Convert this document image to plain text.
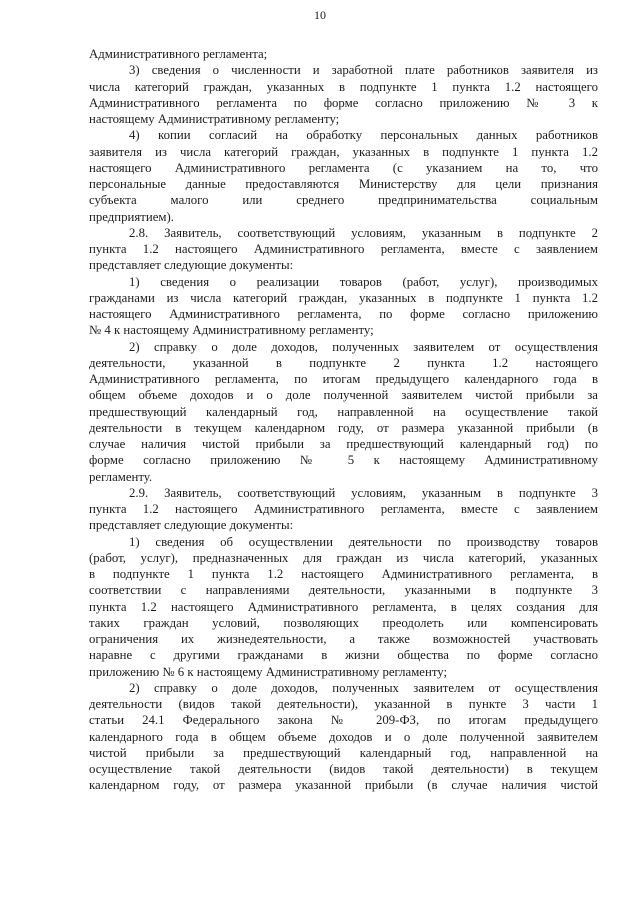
10
Административного регламента;
3) сведения о численности и заработной плате работников заявителя из
числа категорий граждан, указанных в подпункте 1 пункта 1.2 настоящего
Административного регламента по форме согласно приложению № 3 к
настоящему Административному регламенту;
4) копии согласий на обработку персональных данных работников
заявителя из числа категорий граждан, указанных в подпункте 1 пункта 1.2
настоящего Административного регламента (с указанием на то, что
персональные данные предоставляются Министерству для цели признания
субъекта малого или среднего предпринимательства социальным
предприятием).
2.8. Заявитель, соответствующий условиям, указанным в подпункте 2
пункта 1.2 настоящего Административного регламента, вместе с заявлением
представляет следующие документы:
1) сведения о реализации товаров (работ, услуг), производимых
гражданами из числа категорий граждан, указанных в подпункте 1 пункта 1.2
настоящего Административного регламента, по форме согласно приложению
№ 4 к настоящему Административному регламенту;
2) справку о доле доходов, полученных заявителем от осуществления
деятельности, указанной в подпункте 2 пункта 1.2 настоящего
Административного регламента, по итогам предыдущего календарного года в
общем объеме доходов и о доле полученной заявителем чистой прибыли за
предшествующий календарный год, направленной на осуществление такой
деятельности в текущем календарном году, от размера указанной прибыли (в
случае наличия чистой прибыли за предшествующий календарный год) по
форме согласно приложению № 5 к настоящему Административному
регламенту.
2.9. Заявитель, соответствующий условиям, указанным в подпункте 3
пункта 1.2 настоящего Административного регламента, вместе с заявлением
представляет следующие документы:
1) сведения об осуществлении деятельности по производству товаров
(работ, услуг), предназначенных для граждан из числа категорий, указанных
в подпункте 1 пункта 1.2 настоящего Административного регламента, в
соответствии с направлениями деятельности, указанными в подпункте 3
пункта 1.2 настоящего Административного регламента, в целях создания для
таких граждан условий, позволяющих преодолеть или компенсировать
ограничения их жизнедеятельности, а также возможностей участвовать
наравне с другими гражданами в жизни общества по форме согласно
приложению № 6 к настоящему Административному регламенту;
2) справку о доле доходов, полученных заявителем от осуществления
деятельности (видов такой деятельности), указанной в пункте 3 части 1
статьи 24.1 Федерального закона № 209-ФЗ, по итогам предыдущего
календарного года в общем объеме доходов и о доле полученной заявителем
чистой прибыли за предшествующий календарный год, направленной на
осуществление такой деятельности (видов такой деятельности) в текущем
календарном году, от размера указанной прибыли (в случае наличия чистой
